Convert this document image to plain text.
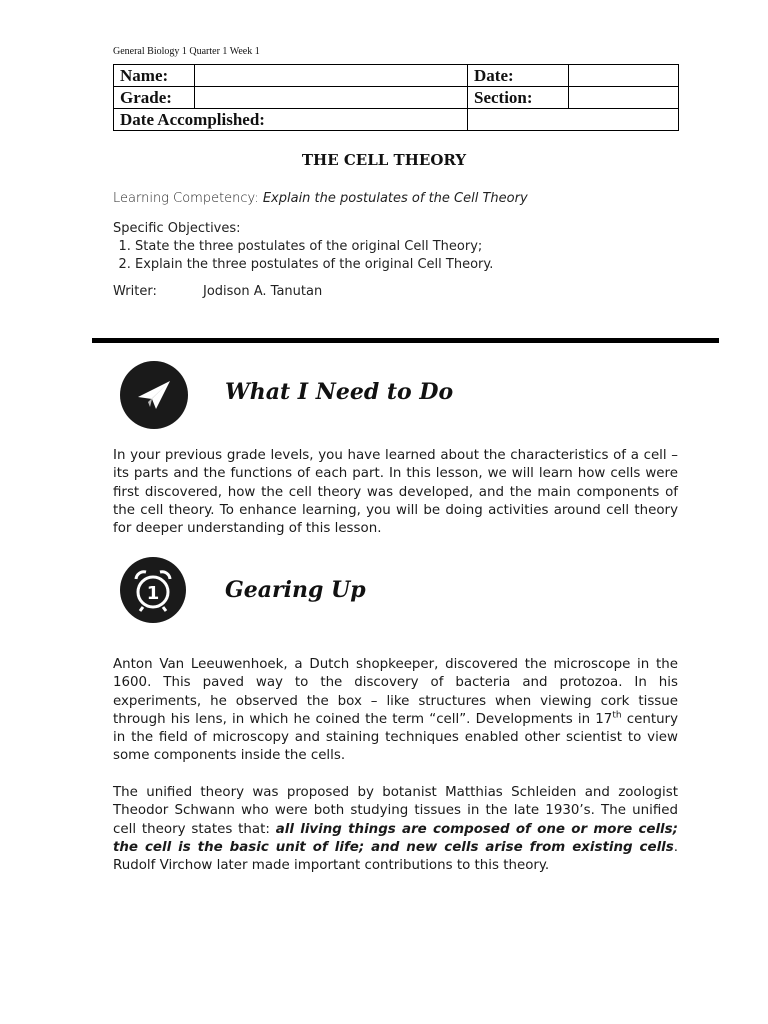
General Biology 1 Quarter 1 Week 1
Name:		Date:	
Grade:		Section:	
Date Accomplished:			
THE CELL THEORY
Learning Competency: Explain the postulates of the Cell Theory
Specific Objectives:
1. State the three postulates of the original Cell Theory;
2. Explain the three postulates of the original Cell Theory.
Writer:	Jodison A. Tanutan
What I Need to Do
In your previous grade levels, you have learned about the characteristics of a cell – its parts and the functions of each part. In this lesson, we will learn how cells were first discovered, how the cell theory was developed, and the main components of the cell theory. To enhance learning, you will be doing activities around cell theory for deeper understanding of this lesson.
1	Gearing Up
Anton Van Leeuwenhoek, a Dutch shopkeeper, discovered the microscope in the 1600. This paved way to the discovery of bacteria and protozoa. In his experiments, he observed the box – like structures when viewing cork tissue through his lens, in which he coined the term “cell”. Developments in 17th century in the field of microscopy and staining techniques enabled other scientist to view some components inside the cells.
The unified theory was proposed by botanist Matthias Schleiden and zoologist Theodor Schwann who were both studying tissues in the late 1930’s. The unified cell theory states that: all living things are composed of one or more cells; the cell is the basic unit of life; and new cells arise from existing cells. Rudolf Virchow later made important contributions to this theory.
